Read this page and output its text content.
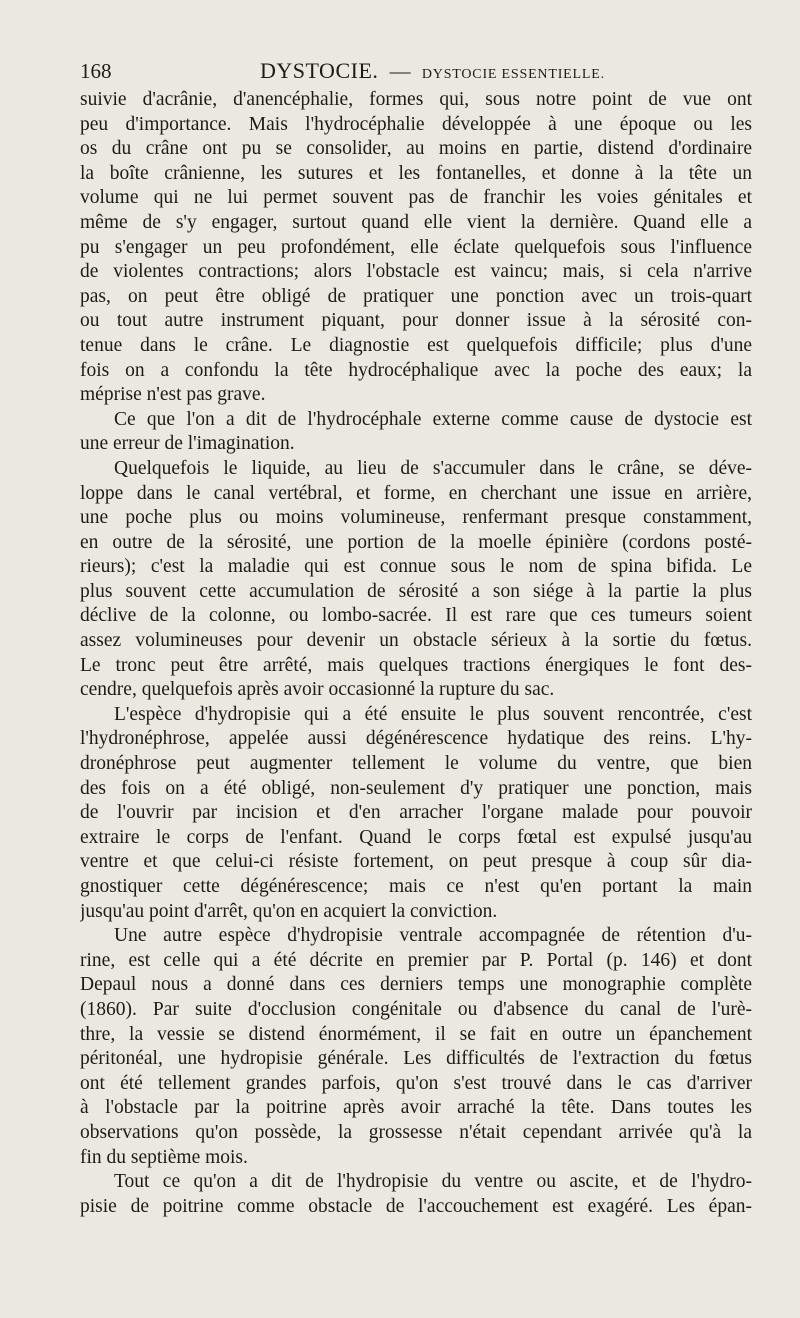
168	DYSTOCIE. — DYSTOCIE ESSENTIELLE.
suivie d'acrânie, d'anencéphalie, formes qui, sous notre point de vue ont
peu d'importance. Mais l'hydrocéphalie développée à une époque ou les
os du crâne ont pu se consolider, au moins en partie, distend d'ordinaire
la boîte crânienne, les sutures et les fontanelles, et donne à la tête un
volume qui ne lui permet souvent pas de franchir les voies génitales et
même de s'y engager, surtout quand elle vient la dernière. Quand elle a
pu s'engager un peu profondément, elle éclate quelquefois sous l'influence
de violentes contractions; alors l'obstacle est vaincu; mais, si cela n'arrive
pas, on peut être obligé de pratiquer une ponction avec un trois-quart
ou tout autre instrument piquant, pour donner issue à la sérosité con-
tenue dans le crâne. Le diagnostie est quelquefois difficile; plus d'une
fois on a confondu la tête hydrocéphalique avec la poche des eaux; la
méprise n'est pas grave.
Ce que l'on a dit de l'hydrocéphale externe comme cause de dystocie est
une erreur de l'imagination.
Quelquefois le liquide, au lieu de s'accumuler dans le crâne, se déve-
loppe dans le canal vertébral, et forme, en cherchant une issue en arrière,
une poche plus ou moins volumineuse, renfermant presque constamment,
en outre de la sérosité, une portion de la moelle épinière (cordons posté-
rieurs); c'est la maladie qui est connue sous le nom de spina bifida. Le
plus souvent cette accumulation de sérosité a son siége à la partie la plus
déclive de la colonne, ou lombo-sacrée. Il est rare que ces tumeurs soient
assez volumineuses pour devenir un obstacle sérieux à la sortie du fœtus.
Le tronc peut être arrêté, mais quelques tractions énergiques le font des-
cendre, quelquefois après avoir occasionné la rupture du sac.
L'espèce d'hydropisie qui a été ensuite le plus souvent rencontrée, c'est
l'hydronéphrose, appelée aussi dégénérescence hydatique des reins. L'hy-
dronéphrose peut augmenter tellement le volume du ventre, que bien
des fois on a été obligé, non-seulement d'y pratiquer une ponction, mais
de l'ouvrir par incision et d'en arracher l'organe malade pour pouvoir
extraire le corps de l'enfant. Quand le corps fœtal est expulsé jusqu'au
ventre et que celui-ci résiste fortement, on peut presque à coup sûr dia-
gnostiquer cette dégénérescence; mais ce n'est qu'en portant la main
jusqu'au point d'arrêt, qu'on en acquiert la conviction.
Une autre espèce d'hydropisie ventrale accompagnée de rétention d'u-
rine, est celle qui a été décrite en premier par P. Portal (p. 146) et dont
Depaul nous a donné dans ces derniers temps une monographie complète
(1860). Par suite d'occlusion congénitale ou d'absence du canal de l'urè-
thre, la vessie se distend énormément, il se fait en outre un épanchement
péritonéal, une hydropisie générale. Les difficultés de l'extraction du fœtus
ont été tellement grandes parfois, qu'on s'est trouvé dans le cas d'arriver
à l'obstacle par la poitrine après avoir arraché la tête. Dans toutes les
observations qu'on possède, la grossesse n'était cependant arrivée qu'à la
fin du septième mois.
Tout ce qu'on a dit de l'hydropisie du ventre ou ascite, et de l'hydro-
pisie de poitrine comme obstacle de l'accouchement est exagéré. Les épan-
